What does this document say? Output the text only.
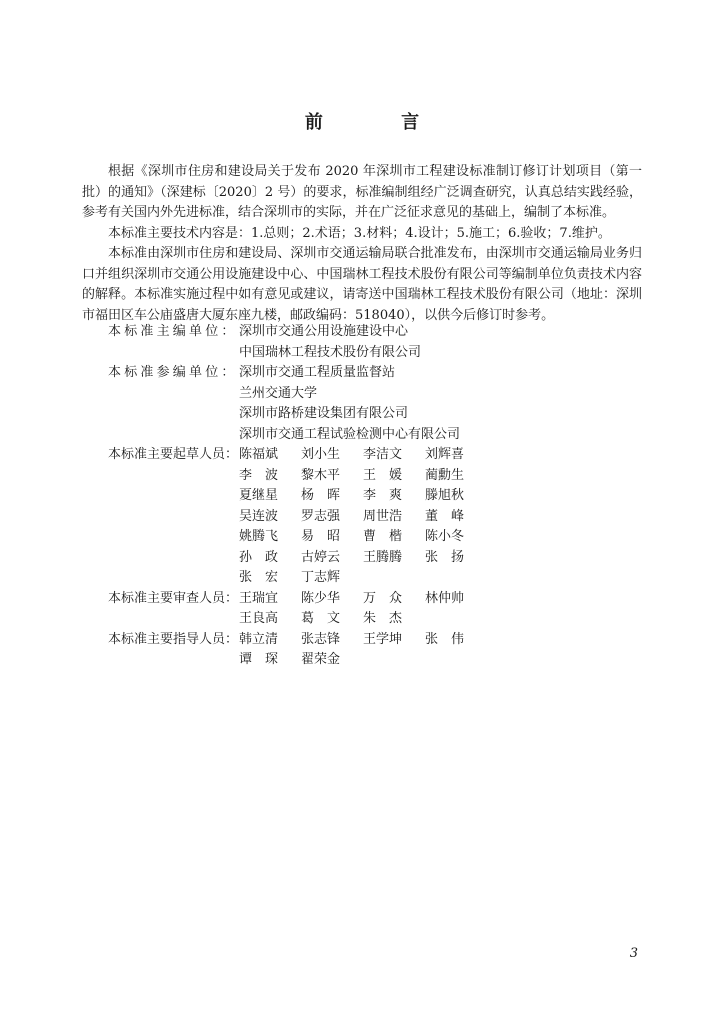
前 言

根据《深圳市住房和建设局关于发布 2020 年深圳市工程建设标准制订修订计划项目（第一批）的通知》（深建标〔2020〕2 号）的要求，标准编制组经广泛调查研究，认真总结实践经验，参考有关国内外先进标准，结合深圳市的实际，并在广泛征求意见的基础上，编制了本标准。

本标准主要技术内容是：1.总则；2.术语；3.材料；4.设计；5.施工；6.验收；7.维护。

本标准由深圳市住房和建设局、深圳市交通运输局联合批准发布，由深圳市交通运输局业务归口并组织深圳市交通公用设施建设中心、中国瑞林工程技术股份有限公司等编制单位负责技术内容的解释。本标准实施过程中如有意见或建议，请寄送中国瑞林工程技术股份有限公司（地址：深圳市福田区车公庙盛唐大厦东座九楼，邮政编码：518040），以供今后修订时参考。

本标准主编单位： 深圳市交通公用设施建设中心
中国瑞林工程技术股份有限公司
本标准参编单位： 深圳市交通工程质量监督站
兰州交通大学
深圳市路桥建设集团有限公司
深圳市交通工程试验检测中心有限公司
本标准主要起草人员： 陈福斌	刘小生	李洁文	刘辉喜
李　波	黎木平	王　媛	蔺勳生
夏继星	杨　晖	李　爽	滕旭秋
吴连波	罗志强	周世浩	董　峰
姚腾飞	易　昭	曹　楷	陈小冬
孙　政	古婷云	王腾腾	张　扬
张　宏	丁志辉
本标准主要审查人员： 王瑞宜	陈少华	万　众	林仲帅
王良高	葛　文	朱　杰
本标准主要指导人员： 韩立清	张志锋	王学坤	张　伟
谭　琛	翟荣金
3
